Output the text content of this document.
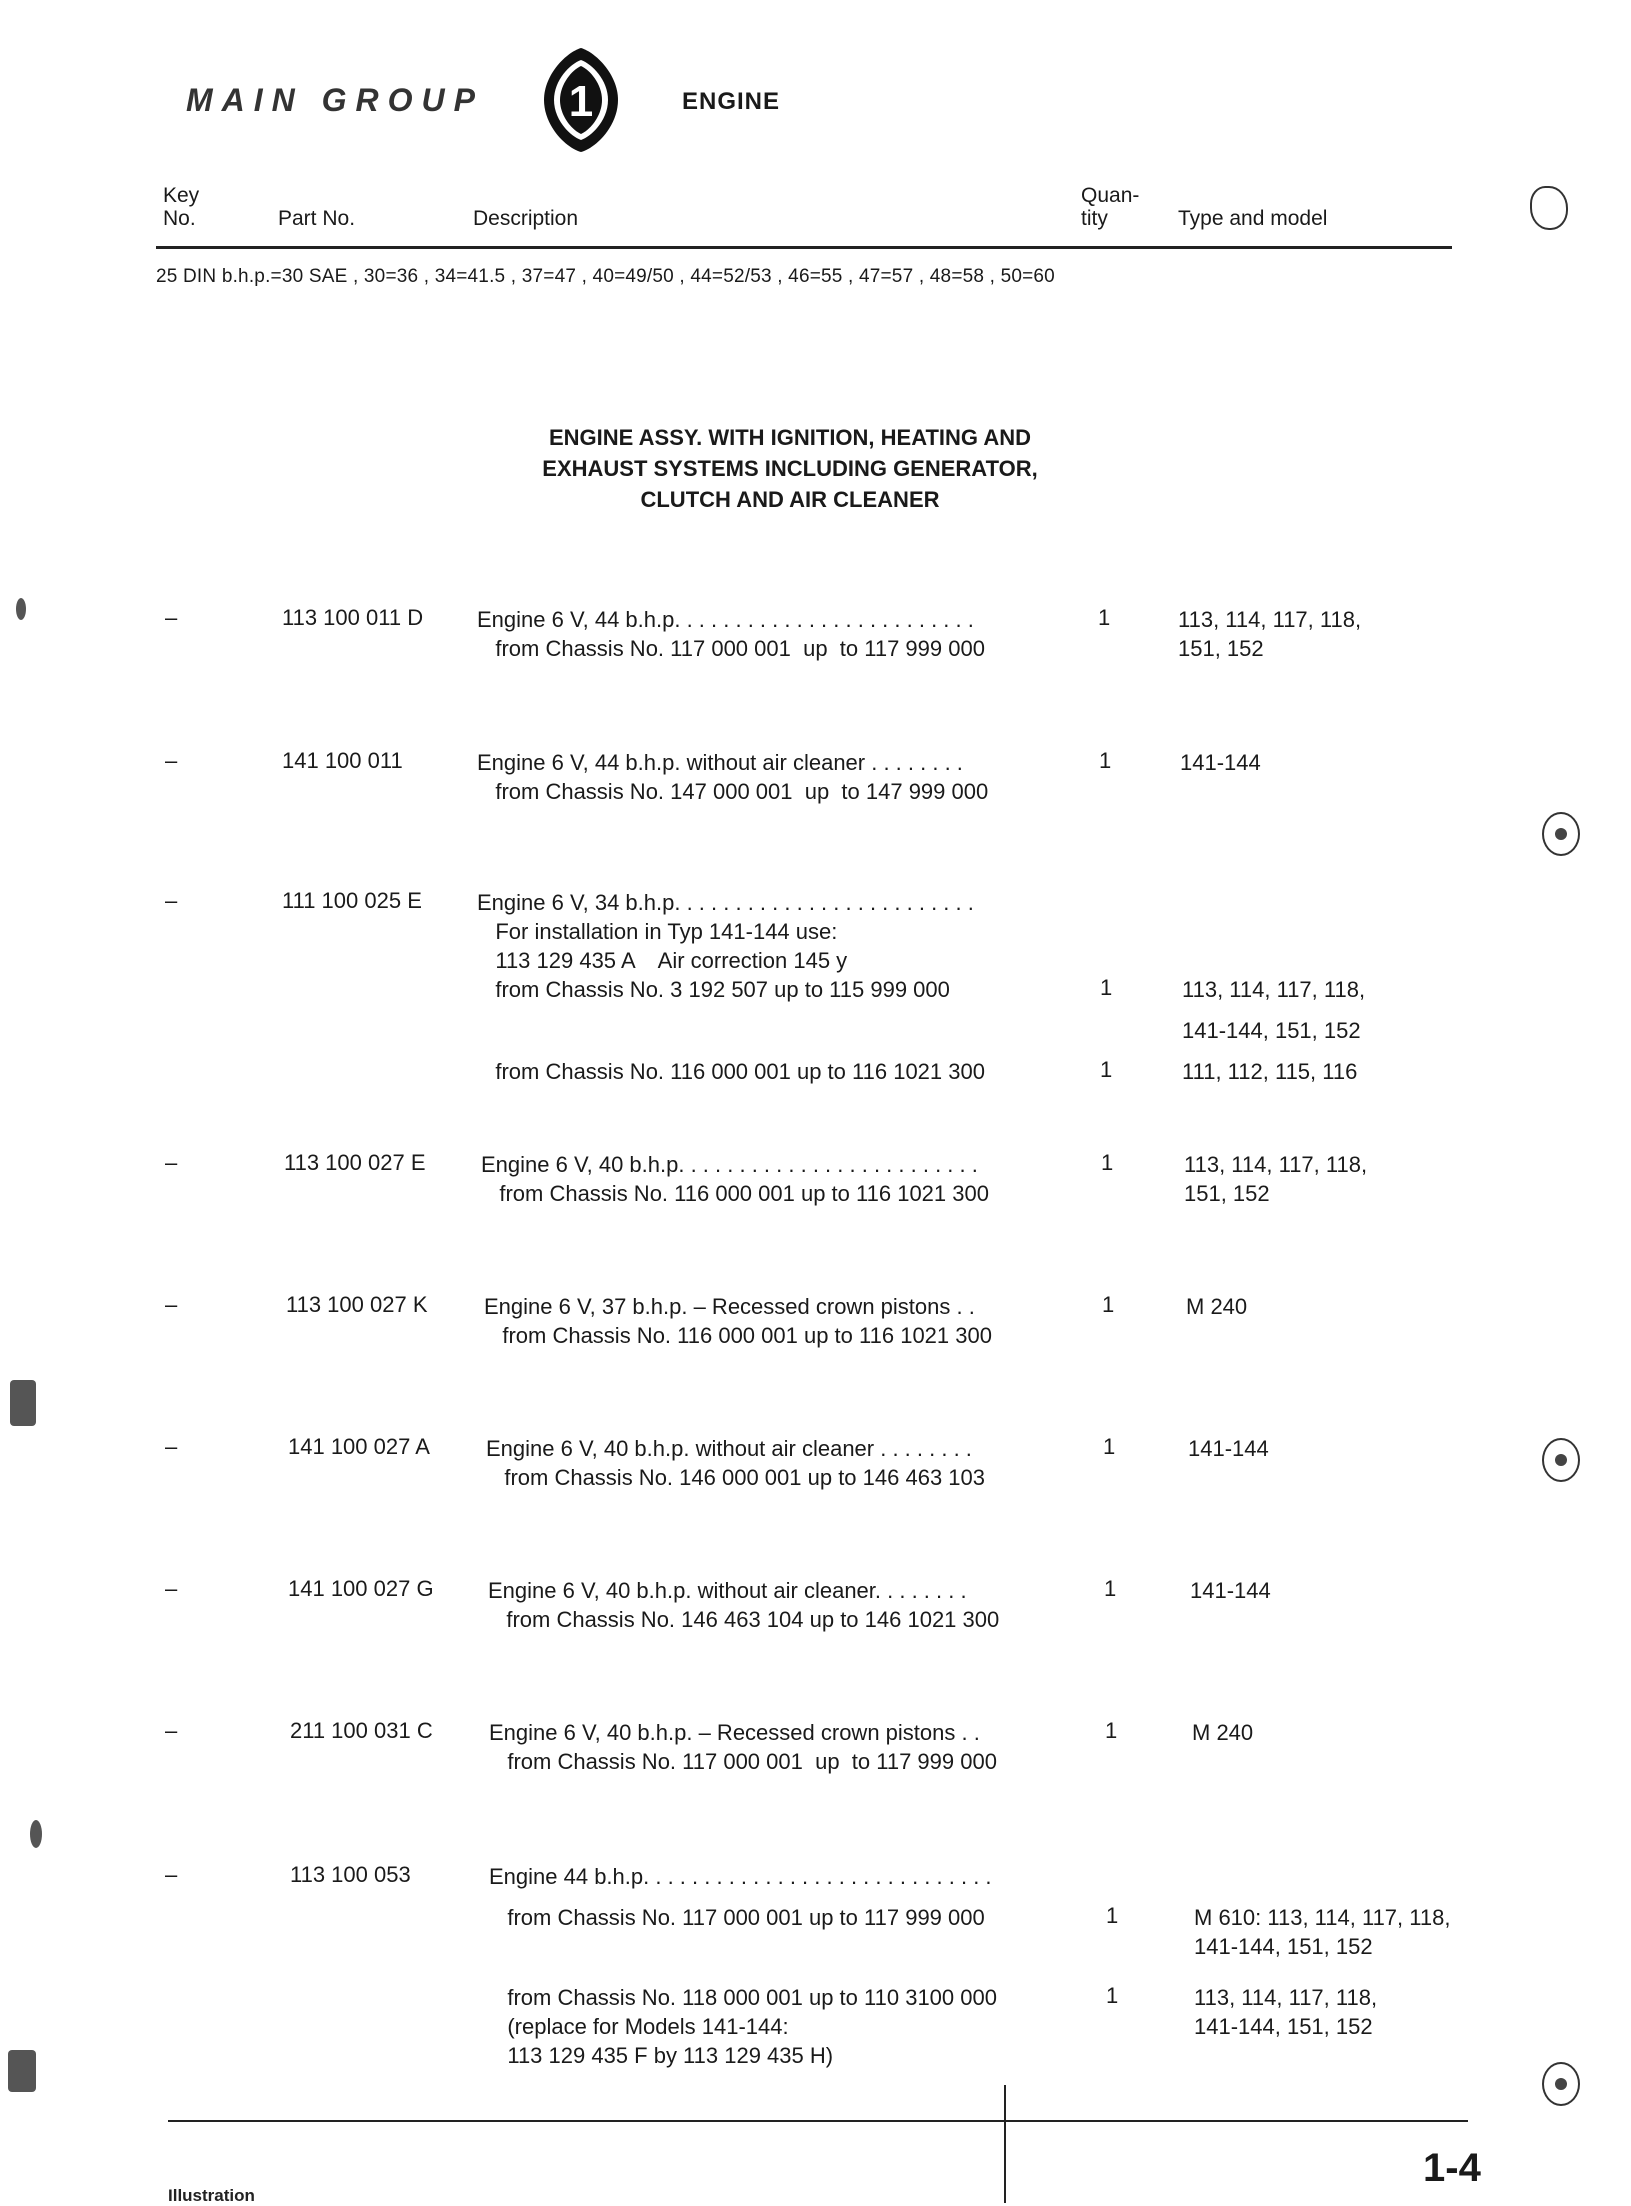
MAIN GROUP 1	ENGINE
Key
No.	Part No.	Description
Quan-
tity	Type and model
25 DIN b.h.p.=30 SAE , 30=36 , 34=41.5 , 37=47 , 40=49/50 , 44=52/53 , 46=55 , 47=57 , 48=58 , 50=60
ENGINE ASSY. WITH IGNITION, HEATING AND
EXHAUST SYSTEMS INCLUDING GENERATOR,
CLUTCH AND AIR CLEANER
–	113 100 011 D Engine 6 V, 44 b.h.p. . . . . . . . . . . . . . . . . . . . . . . . .	1	113, 114, 117, 118,
from Chassis No. 117 000 001  up  to 117 999 000	151, 152
–	141 100 011	Engine 6 V, 44 b.h.p. without air cleaner . . . . . . . .	1	141-144
from Chassis No. 147 000 001  up  to 147 999 000
–	111 100 025 E	Engine 6 V, 34 b.h.p. . . . . . . . . . . . . . . . . . . . . . . . .
For installation in Typ 141-144 use:
113 129 435 A    Air correction 145 y
from Chassis No. 3 192 507 up to 115 999 000	1	113, 114, 117, 118,
141-144, 151, 152
from Chassis No. 116 000 001 up to 116 1021 300	1	111, 112, 115, 116
–	113 100 027 E	Engine 6 V, 40 b.h.p. . . . . . . . . . . . . . . . . . . . . . . . .	1	113, 114, 117, 118,
from Chassis No. 116 000 001 up to 116 1021 300	151, 152
–	113 100 027 K	Engine 6 V, 37 b.h.p. – Recessed crown pistons . .	1	M 240
from Chassis No. 116 000 001 up to 116 1021 300
–	141 100 027 A	Engine 6 V, 40 b.h.p. without air cleaner . . . . . . . .	1	141-144
from Chassis No. 146 000 001 up to 146 463 103
–	141 100 027 G Engine 6 V, 40 b.h.p. without air cleaner. . . . . . . .	1	141-144
from Chassis No. 146 463 104 up to 146 1021 300
–	211 100 031 C	Engine 6 V, 40 b.h.p. – Recessed crown pistons . .	1	M 240
from Chassis No. 117 000 001  up  to 117 999 000
–	113 100 053	Engine 44 b.h.p. . . . . . . . . . . . . . . . . . . . . . . . . . . . .
from Chassis No. 117 000 001 up to 117 999 000	1	M 610: 113, 114, 117, 118,
141-144, 151, 152
from Chassis No. 118 000 001 up to 110 3100 000	1	113, 114, 117, 118,
(replace for Models 141-144:	141-144, 151, 152
113 129 435 F by 113 129 435 H)
Illustration
1-4
